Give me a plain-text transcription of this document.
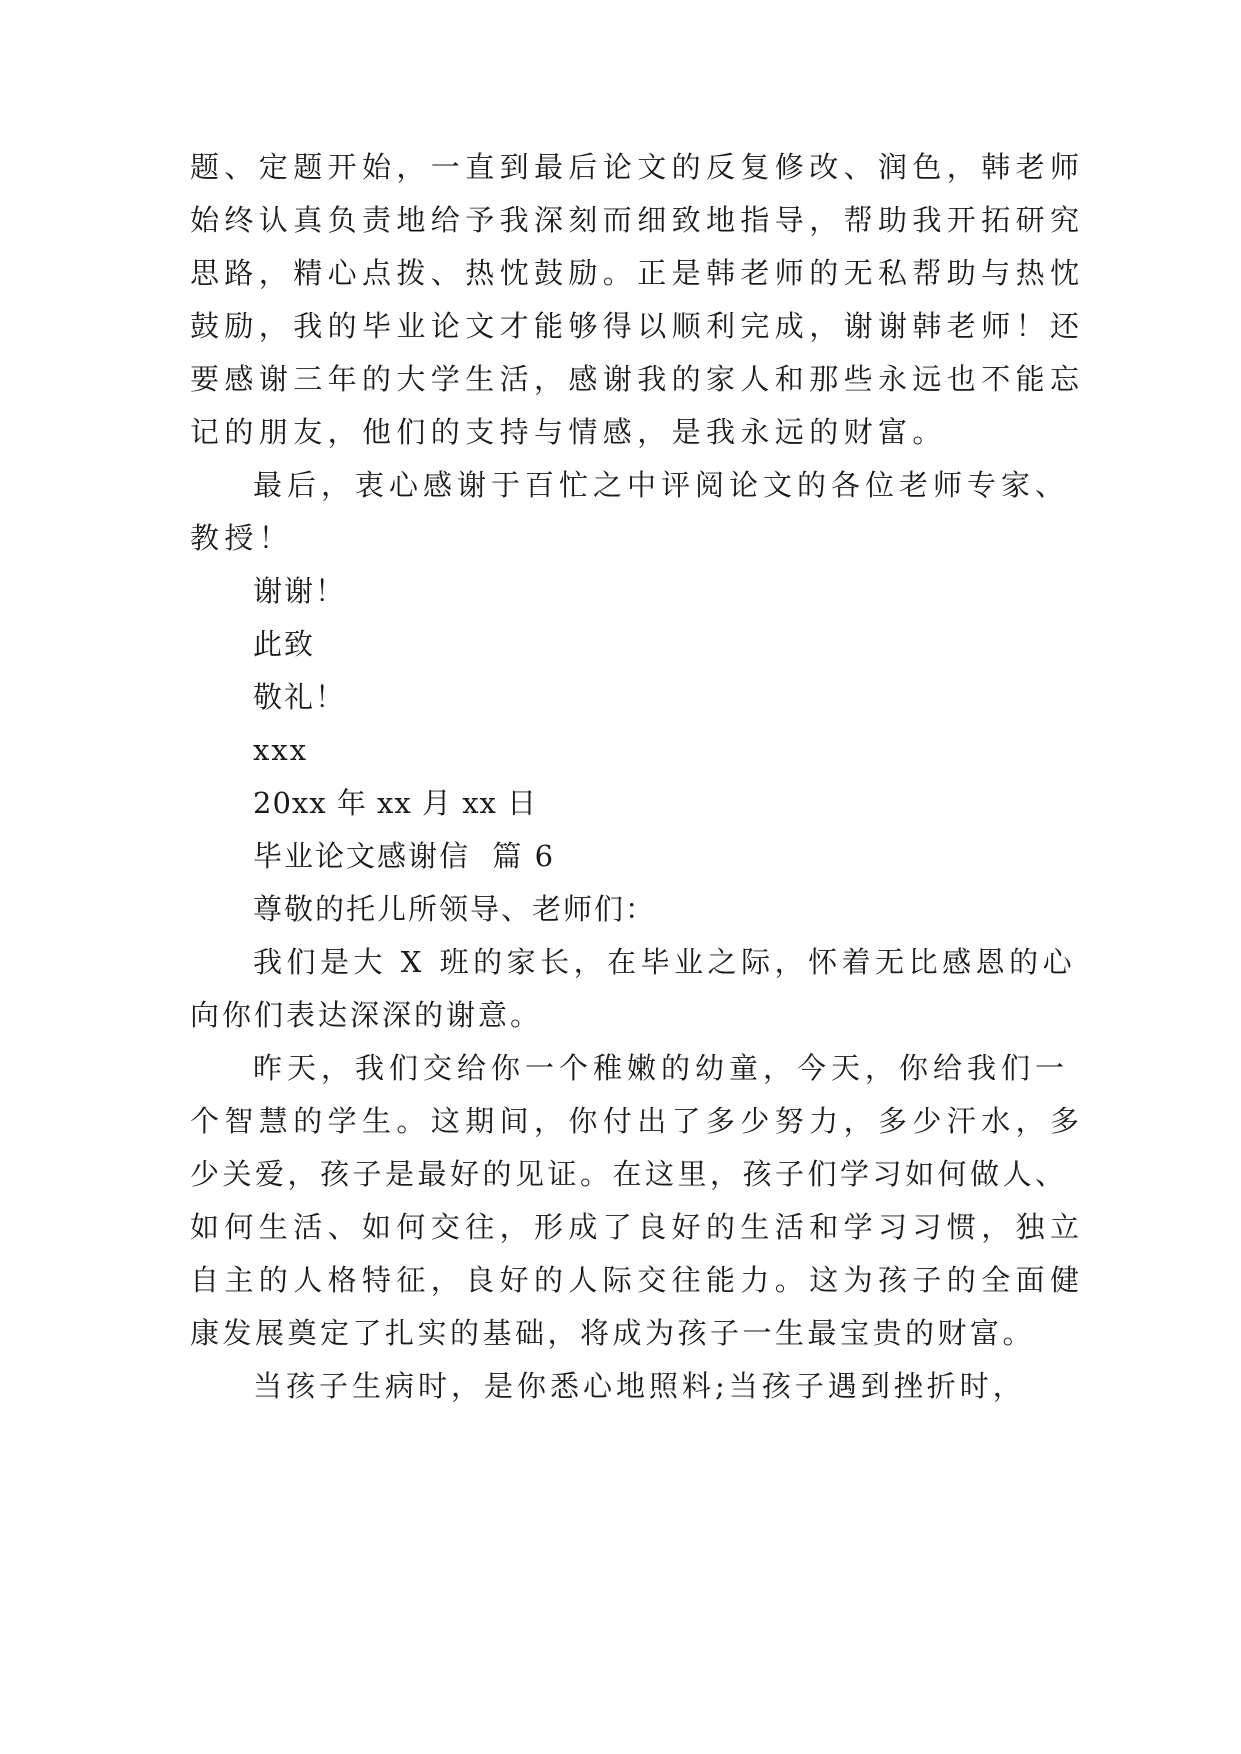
题、定题开始，一直到最后论文的反复修改、润色，韩老师
始终认真负责地给予我深刻而细致地指导，帮助我开拓研究
思路，精心点拨、热忱鼓励。正是韩老师的无私帮助与热忱
鼓励，我的毕业论文才能够得以顺利完成，谢谢韩老师！还
要感谢三年的大学生活，感谢我的家人和那些永远也不能忘
记的朋友，他们的支持与情感，是我永远的财富。
最后，衷心感谢于百忙之中评阅论文的各位老师专家、
教授！
谢谢！
此致
敬礼！
xxx
20xx 年 xx 月 xx 日
毕业论文感谢信  篇 6
尊敬的托儿所领导、老师们：
我们是大 X 班的家长，在毕业之际，怀着无比感恩的心
向你们表达深深的谢意。
昨天，我们交给你一个稚嫩的幼童，今天，你给我们一
个智慧的学生。这期间，你付出了多少努力，多少汗水，多
少关爱，孩子是最好的见证。在这里，孩子们学习如何做人、
如何生活、如何交往，形成了良好的生活和学习习惯，独立
自主的人格特征，良好的人际交往能力。这为孩子的全面健
康发展奠定了扎实的基础，将成为孩子一生最宝贵的财富。
当孩子生病时，是你悉心地照料;当孩子遇到挫折时，
